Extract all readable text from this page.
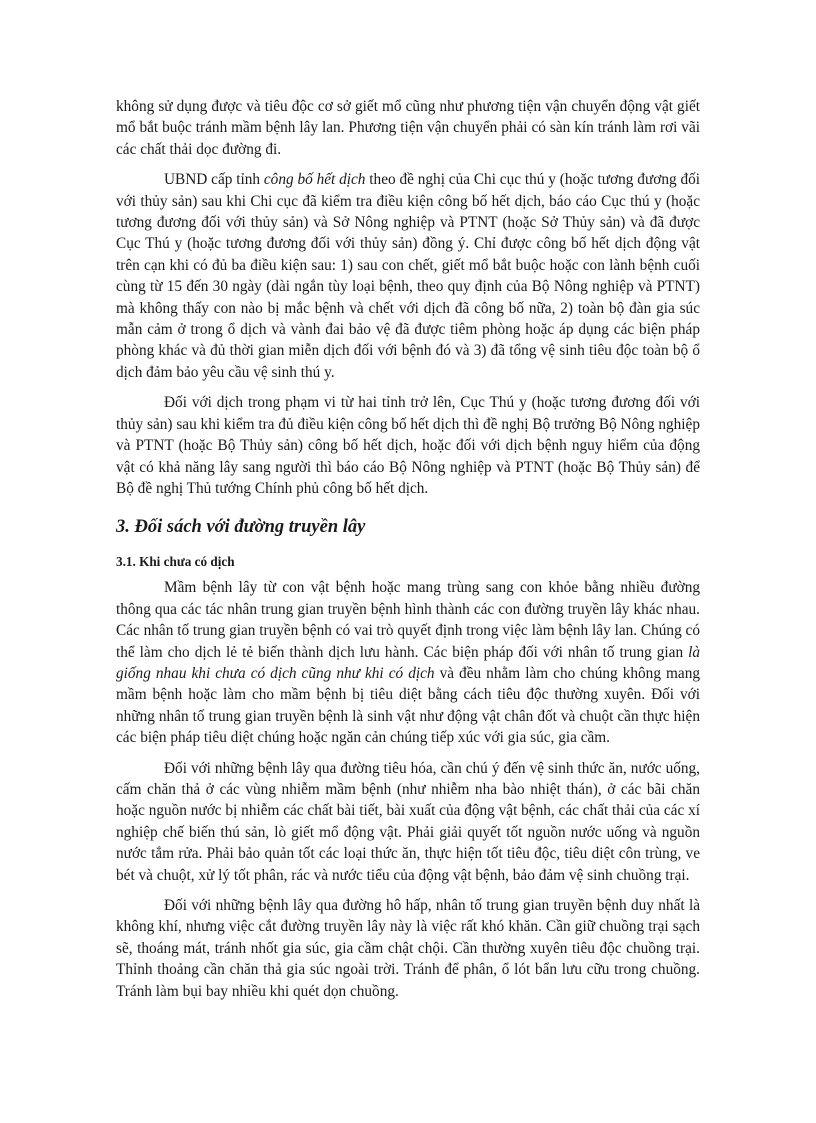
không sử dụng được và tiêu độc cơ sở giết mổ cũng như phương tiện vận chuyển động vật giết mổ bắt buộc tránh mầm bệnh lây lan. Phương tiện vận chuyển phải có sàn kín tránh làm rơi vãi các chất thải dọc đường đi.

UBND cấp tỉnh công bố hết dịch theo đề nghị của Chi cục thú y (hoặc tương đương đối với thủy sản) sau khi Chi cục đã kiểm tra điều kiện công bố hết dịch, báo cáo Cục thú y (hoặc tương đương đối với thủy sản) và Sở Nông nghiệp và PTNT (hoặc Sở Thủy sản) và đã được Cục Thú y (hoặc tương đương đối với thủy sản) đồng ý. Chỉ được công bố hết dịch động vật trên cạn khi có đủ ba điều kiện sau: 1) sau con chết, giết mổ bắt buộc hoặc con lành bệnh cuối cùng từ 15 đến 30 ngày (dài ngắn tùy loại bệnh, theo quy định của Bộ Nông nghiệp và PTNT) mà không thấy con nào bị mắc bệnh và chết với dịch đã công bố nữa, 2) toàn bộ đàn gia súc mẫn cảm ở trong ổ dịch và vành đai bảo vệ đã được tiêm phòng hoặc áp dụng các biện pháp phòng khác và đủ thời gian miễn dịch đối với bệnh đó và 3) đã tổng vệ sinh tiêu độc toàn bộ ổ dịch đảm bảo yêu cầu vệ sinh thú y.

Đối với dịch trong phạm vi từ hai tỉnh trở lên, Cục Thú y (hoặc tương đương đối với thủy sản) sau khi kiểm tra đủ điều kiện công bố hết dịch thì đề nghị Bộ trưởng Bộ Nông nghiệp và PTNT (hoặc Bộ Thủy sản) công bố hết dịch, hoặc đối với dịch bệnh nguy hiểm của động vật có khả năng lây sang người thì báo cáo Bộ Nông nghiệp và PTNT (hoặc Bộ Thủy sản) để Bộ đề nghị Thủ tướng Chính phủ công bố hết dịch.

3. Đối sách với đường truyền lây
3.1. Khi chưa có dịch

Mầm bệnh lây từ con vật bệnh hoặc mang trùng sang con khỏe bằng nhiều đường thông qua các tác nhân trung gian truyền bệnh hình thành các con đường truyền lây khác nhau. Các nhân tố trung gian truyền bệnh có vai trò quyết định trong việc làm bệnh lây lan. Chúng có thể làm cho dịch lẻ tẻ biến thành dịch lưu hành. Các biện pháp đối với nhân tố trung gian là giống nhau khi chưa có dịch cũng như khi có dịch và đều nhằm làm cho chúng không mang mầm bệnh hoặc làm cho mầm bệnh bị tiêu diệt bằng cách tiêu độc thường xuyên. Đối với những nhân tố trung gian truyền bệnh là sinh vật như động vật chân đốt và chuột cần thực hiện các biện pháp tiêu diệt chúng hoặc ngăn cản chúng tiếp xúc với gia súc, gia cầm.

Đối với những bệnh lây qua đường tiêu hóa, cần chú ý đến vệ sinh thức ăn, nước uống, cấm chăn thả ở các vùng nhiễm mầm bệnh (như nhiễm nha bào nhiệt thán), ở các bãi chăn hoặc nguồn nước bị nhiễm các chất bài tiết, bài xuất của động vật bệnh, các chất thải của các xí nghiệp chế biến thú sản, lò giết mổ động vật. Phải giải quyết tốt nguồn nước uống và nguồn nước tắm rửa. Phải bảo quản tốt các loại thức ăn, thực hiện tốt tiêu độc, tiêu diệt côn trùng, ve bét và chuột, xử lý tốt phân, rác và nước tiểu của động vật bệnh, bảo đảm vệ sinh chuồng trại.

Đối với những bệnh lây qua đường hô hấp, nhân tố trung gian truyền bệnh duy nhất là không khí, nhưng việc cắt đường truyền lây này là việc rất khó khăn. Cần giữ chuồng trại sạch sẽ, thoáng mát, tránh nhốt gia súc, gia cầm chật chội. Cần thường xuyên tiêu độc chuồng trại. Thỉnh thoảng cần chăn thả gia súc ngoài trời. Tránh để phân, ổ lót bẩn lưu cữu trong chuồng. Tránh làm bụi bay nhiều khi quét dọn chuồng.
